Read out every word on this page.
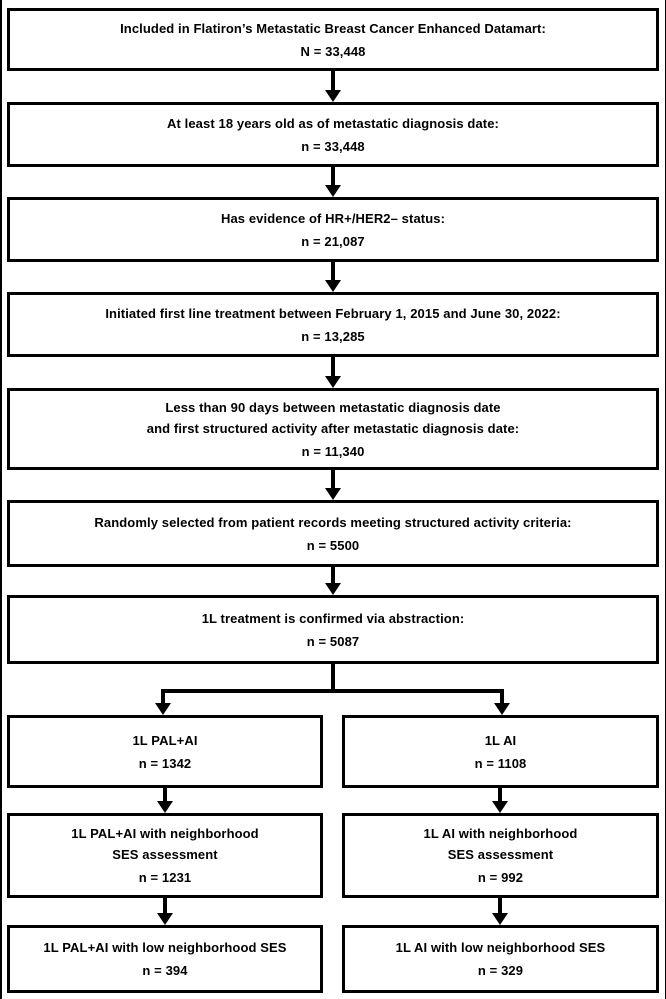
Included in Flatiron’s Metastatic Breast Cancer Enhanced Datamart:
N = 33,448
At least 18 years old as of metastatic diagnosis date:
n = 33,448
Has evidence of HR+/HER2– status:
n = 21,087
Initiated first line treatment between February 1, 2015 and June 30, 2022:
n = 13,285
Less than 90 days between metastatic diagnosis date
and first structured activity after metastatic diagnosis date:
n = 11,340
Randomly selected from patient records meeting structured activity criteria:
n = 5500
1L treatment is confirmed via abstraction:
n = 5087
1L PAL+AI
n = 1342
1L AI
n = 1108
1L PAL+AI with neighborhood
SES assessment
n = 1231
1L AI with neighborhood
SES assessment
n = 992
1L PAL+AI with low neighborhood SES
n = 394
1L AI with low neighborhood SES
n = 329
